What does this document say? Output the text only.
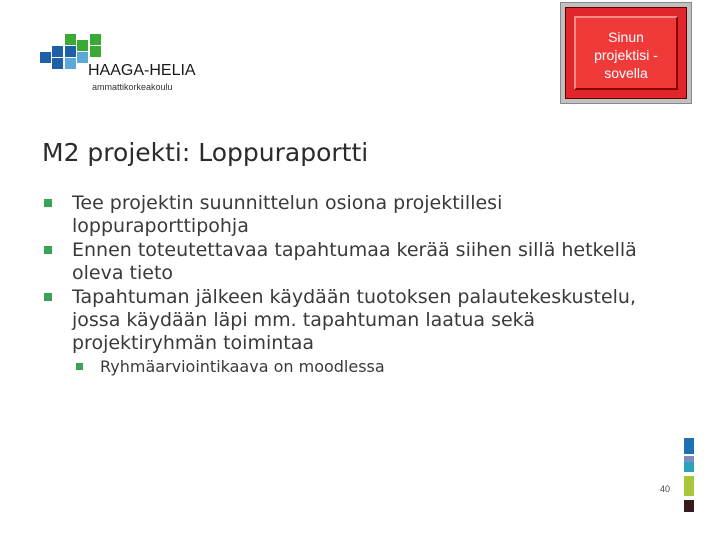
HAAGA-HELIA
ammattikorkeakoulu
Sinun
projektisi -
sovella
M2 projekti: Loppuraportti
Tee projektin suunnittelun osiona projektillesi loppuraporttipohja
Ennen toteutettavaa tapahtumaa kerää siihen sillä hetkellä oleva tieto
Tapahtuman jälkeen käydään tuotoksen palautekeskustelu, jossa käydään läpi mm. tapahtuman laatua sekä projektiryhmän toimintaa
Ryhmäarviointikaava on moodlessa
40
